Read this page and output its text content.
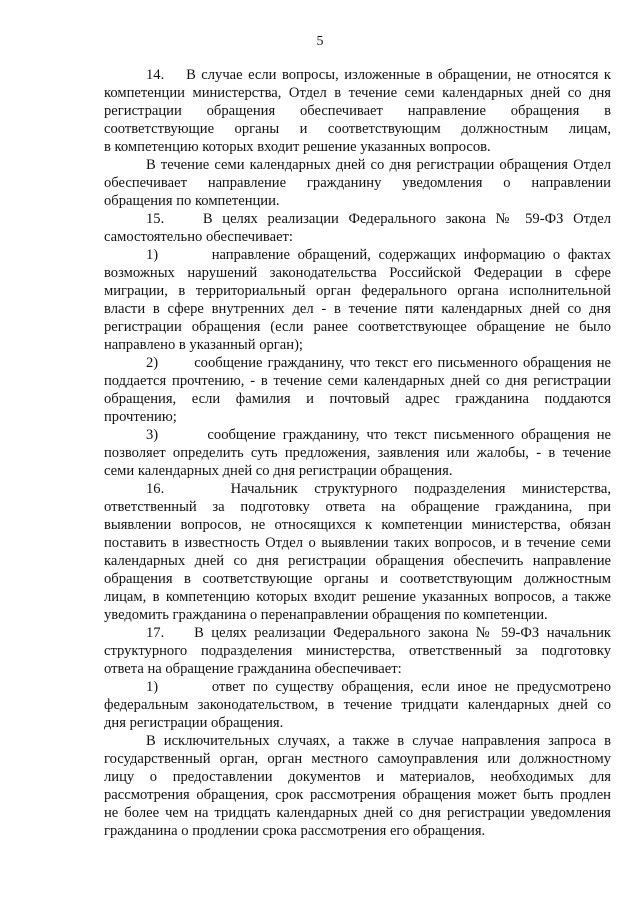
5
14.    В случае если вопросы, изложенные в обращении, не относятся к
компетенции министерства, Отдел в течение семи календарных дней со дня
регистрации обращения обеспечивает направление обращения в
соответствующие органы и соответствующим должностным лицам,
в компетенцию которых входит решение указанных вопросов.
В течение семи календарных дней со дня регистрации обращения Отдел
обеспечивает направление гражданину уведомления о направлении
обращения по компетенции.
15.    В целях реализации Федерального закона № 59-ФЗ Отдел
самостоятельно обеспечивает:
1)       направление обращений, содержащих информацию о фактах
возможных нарушений законодательства Российской Федерации в сфере
миграции, в территориальный орган федерального органа исполнительной
власти в сфере внутренних дел - в течение пяти календарных дней со дня
регистрации обращения (если ранее соответствующее обращение не было
направлено в указанный орган);
2)       сообщение гражданину, что текст его письменного обращения не
поддается прочтению, - в течение семи календарных дней со дня регистрации
обращения, если фамилия и почтовый адрес гражданина поддаются
прочтению;
3)       сообщение гражданину, что текст письменного обращения не
позволяет определить суть предложения, заявления или жалобы, - в течение
семи календарных дней со дня регистрации обращения.
16.    Начальник структурного подразделения министерства,
ответственный за подготовку ответа на обращение гражданина, при
выявлении вопросов, не относящихся к компетенции министерства, обязан
поставить в известность Отдел о выявлении таких вопросов, и в течение семи
календарных дней со дня регистрации обращения обеспечить направление
обращения в соответствующие органы и соответствующим должностным
лицам, в компетенцию которых входит решение указанных вопросов, а также
уведомить гражданина о перенаправлении обращения по компетенции.
17.    В целях реализации Федерального закона № 59-ФЗ начальник
структурного подразделения министерства, ответственный за подготовку
ответа на обращение гражданина обеспечивает:
1)       ответ по существу обращения, если иное не предусмотрено
федеральным законодательством, в течение тридцати календарных дней со
дня регистрации обращения.
В исключительных случаях, а также в случае направления запроса в
государственный орган, орган местного самоуправления или должностному
лицу о предоставлении документов и материалов, необходимых для
рассмотрения обращения, срок рассмотрения обращения может быть продлен
не более чем на тридцать календарных дней со дня регистрации уведомления
гражданина о продлении срока рассмотрения его обращения.
